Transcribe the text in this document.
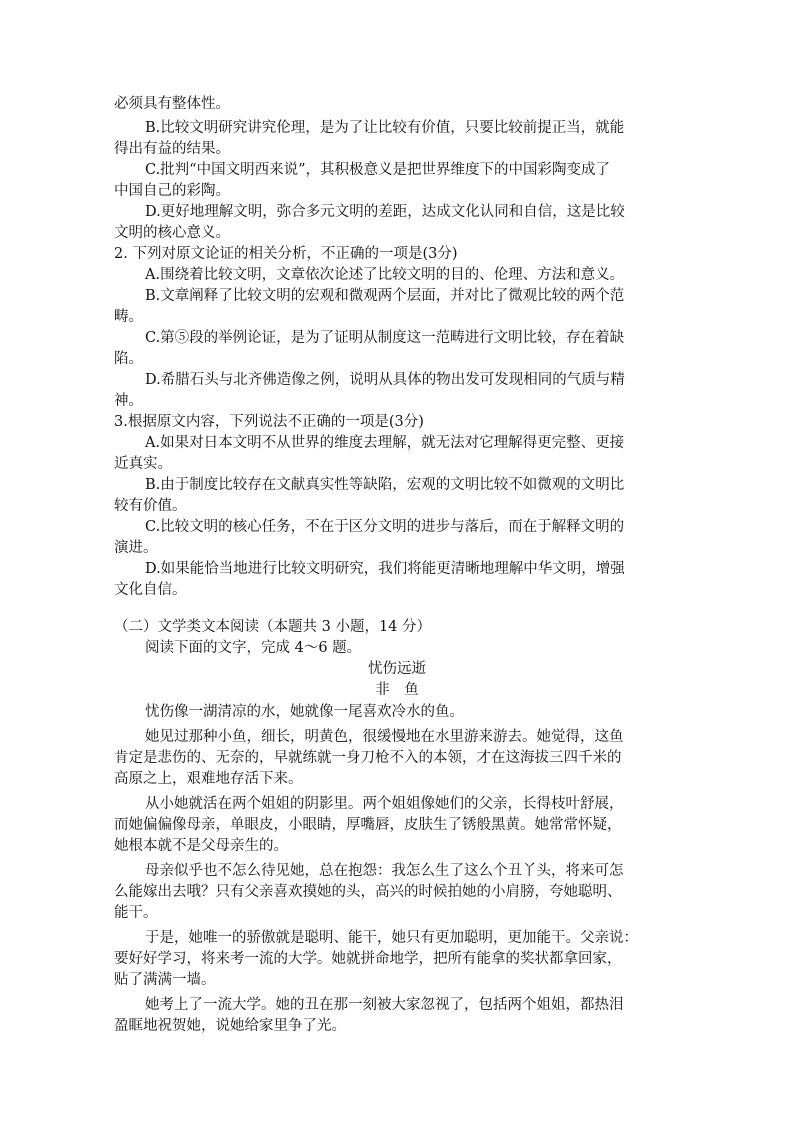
必须具有整体性。
B.比较文明研究讲究伦理，是为了让比较有价值，只要比较前提正当，就能
得出有益的结果。
C.批判“中国文明西来说”，其积极意义是把世界维度下的中国彩陶变成了
中国自己的彩陶。
D.更好地理解文明，弥合多元文明的差距，达成文化认同和自信，这是比较
文明的核心意义。
2. 下列对原文论证的相关分析，不正确的一项是(3分)
A.围绕着比较文明，文章依次论述了比较文明的目的、伦理、方法和意义。
B.文章阐释了比较文明的宏观和微观两个层面，并对比了微观比较的两个范
畴。
C.第⑤段的举例论证，是为了证明从制度这一范畴进行文明比较，存在着缺
陷。
D.希腊石头与北齐佛造像之例，说明从具体的物出发可发现相同的气质与精
神。
3.根据原文内容，下列说法不正确的一项是(3分)
A.如果对日本文明不从世界的维度去理解，就无法对它理解得更完整、更接
近真实。
B.由于制度比较存在文献真实性等缺陷，宏观的文明比较不如微观的文明比
较有价值。
C.比较文明的核心任务，不在于区分文明的进步与落后，而在于解释文明的
演进。
D.如果能恰当地进行比较文明研究，我们将能更清晰地理解中华文明，增强
文化自信。
（二）文学类文本阅读（本题共 3 小题，14 分）
阅读下面的文字，完成 4～6 题。
忧伤远逝
非　鱼
忧伤像一湖清凉的水，她就像一尾喜欢冷水的鱼。
她见过那种小鱼，细长，明黄色，很缓慢地在水里游来游去。她觉得，这鱼
肯定是悲伤的、无奈的，早就练就一身刀枪不入的本领，才在这海拔三四千米的
高原之上，艰难地存活下来。
从小她就活在两个姐姐的阴影里。两个姐姐像她们的父亲，长得枝叶舒展，
而她偏偏像母亲，单眼皮，小眼睛，厚嘴唇，皮肤生了锈般黑黄。她常常怀疑，
她根本就不是父母亲生的。
母亲似乎也不怎么待见她，总在抱怨：我怎么生了这么个丑丫头，将来可怎
么能嫁出去哦？只有父亲喜欢摸她的头，高兴的时候拍她的小肩膀，夸她聪明、
能干。
于是，她唯一的骄傲就是聪明、能干，她只有更加聪明，更加能干。父亲说：
要好好学习，将来考一流的大学。她就拼命地学，把所有能拿的奖状都拿回家，
贴了满满一墙。
她考上了一流大学。她的丑在那一刻被大家忽视了，包括两个姐姐，都热泪
盈眶地祝贺她，说她给家里争了光。
